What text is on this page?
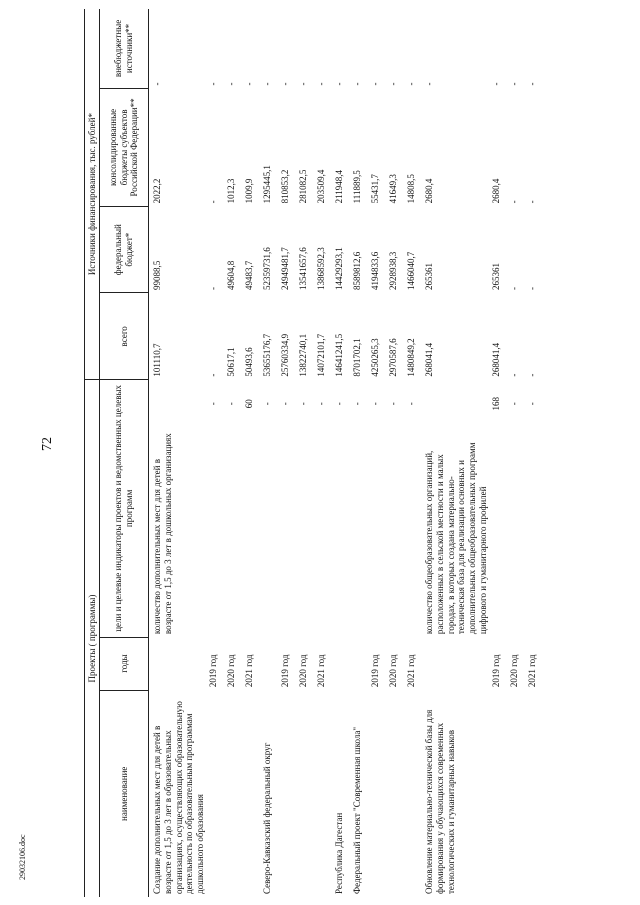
72
29032106.doc
Проекты ( программы)				Источники финансирования, тыс. рублей*			
наименование	годы	цели и целевые индикаторы проектов и ведомственных целевых программ		всего	федеральный бюджет*	консолидированные бюджеты субъектов Российской Федерации**	внебюджетные источники**
Создание дополнительных мест для детей в возрасте от 1,5 до 3 лет в образовательных организациях, осуществляющих образовательную деятельность по образовательным программам дошкольного образования		количество дополнительных мест для детей в возрасте от 1,5 до 3 лет в дошкольных организациях		101110,7	99088,5	2022,2	-
	2019 год		-	-	-	-	-
	2020 год		-	50617,1	49604,8	1012,3	-
	2021 год		60	50493,6	49483,7	1009,9	-
Северо-Кавказский федеральный округ			-	53655176,7	52359731,6	1295445,1	-
	2019 год		-	25760334,9	24949481,7	810853,2	-
	2020 год		-	13822740,1	13541657,6	281082,5	-
	2021 год		-	14072101,7	13868592,3	203509,4	-
Республика Дагестан			-	14641241,5	14429293,1	211948,4	-
Федеральный проект "Современная школа"			-	8701702,1	8589812,6	111889,5	-
	2019 год		-	4250265,3	4194833,6	55431,7	-
	2020 год		-	2970587,6	2928938,3	41649,3	-
	2021 год		-	1480849,2	1466040,7	14808,5	-
Обновление материально-технической базы для формирования у обучающихся современных технологических и гуманитарных навыков		количество общеобразовательных организаций, расположенных в сельской местности и малых городах, в которых создана материально-техническая база для реализации основных и дополнительных общеобразовательных программ цифрового и гуманитарного профилей		268041,4	265361	2680,4	-
	2019 год		168	268041,4	265361	2680,4	-
	2020 год		-	-	-	-	-
	2021 год		-	-	-	-	-
